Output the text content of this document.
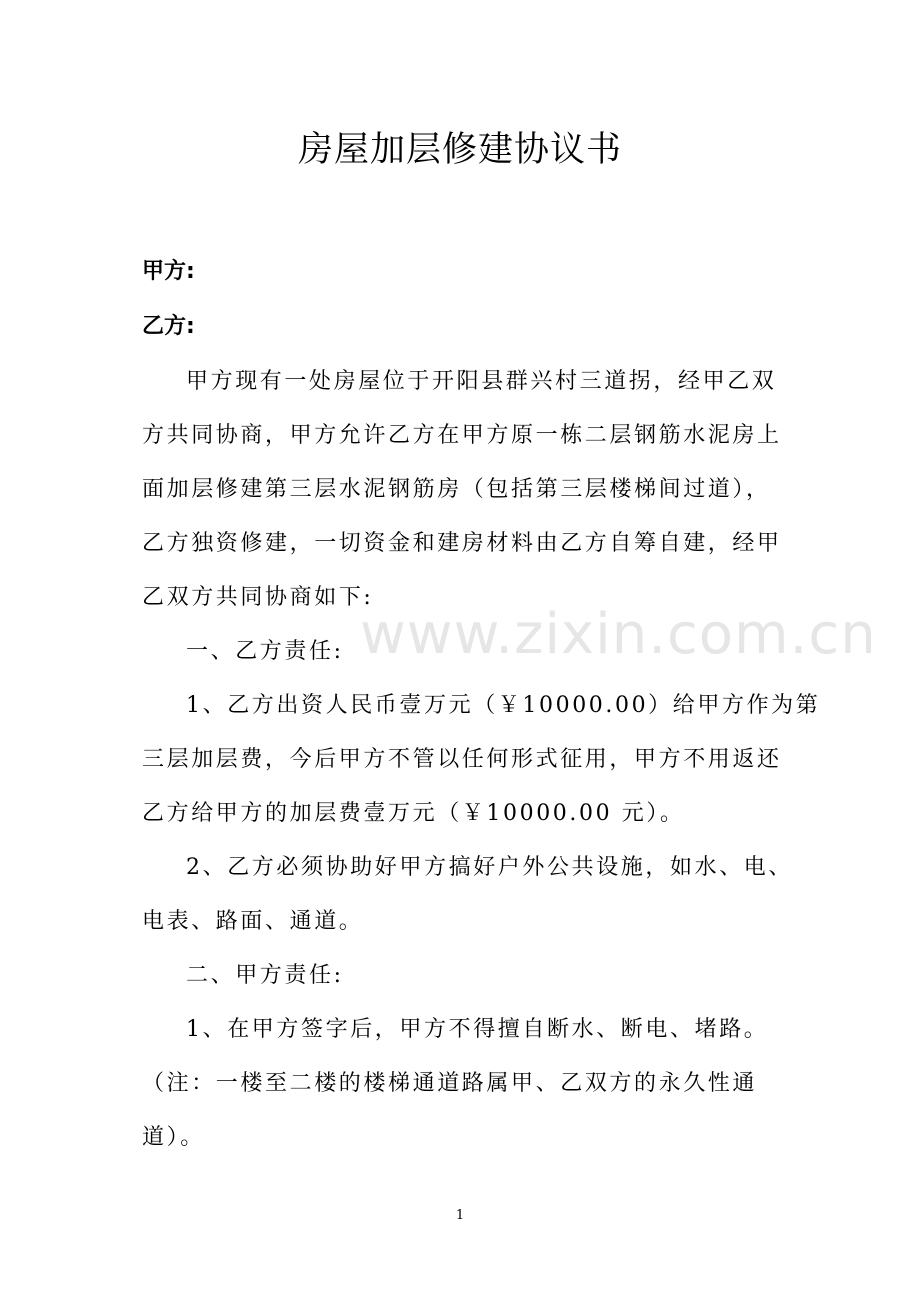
房屋加层修建协议书
甲方:
乙方:
甲方现有一处房屋位于开阳县群兴村三道拐，经甲乙双
方共同协商，甲方允许乙方在甲方原一栋二层钢筋水泥房上
面加层修建第三层水泥钢筋房（包括第三层楼梯间过道），
乙方独资修建，一切资金和建房材料由乙方自筹自建，经甲
乙双方共同协商如下:
一、乙方责任:
1、乙方出资人民币壹万元（￥10000.00）给甲方作为第
三层加层费，今后甲方不管以任何形式征用，甲方不用返还
乙方给甲方的加层费壹万元（￥10000.00 元）。
2、乙方必须协助好甲方搞好户外公共设施，如水、电、
电表、路面、通道。
二、甲方责任:
1、在甲方签字后，甲方不得擅自断水、断电、堵路。
（注：一楼至二楼的楼梯通道路属甲、乙双方的永久性通
道）。
www.zixin.com.cn
1
